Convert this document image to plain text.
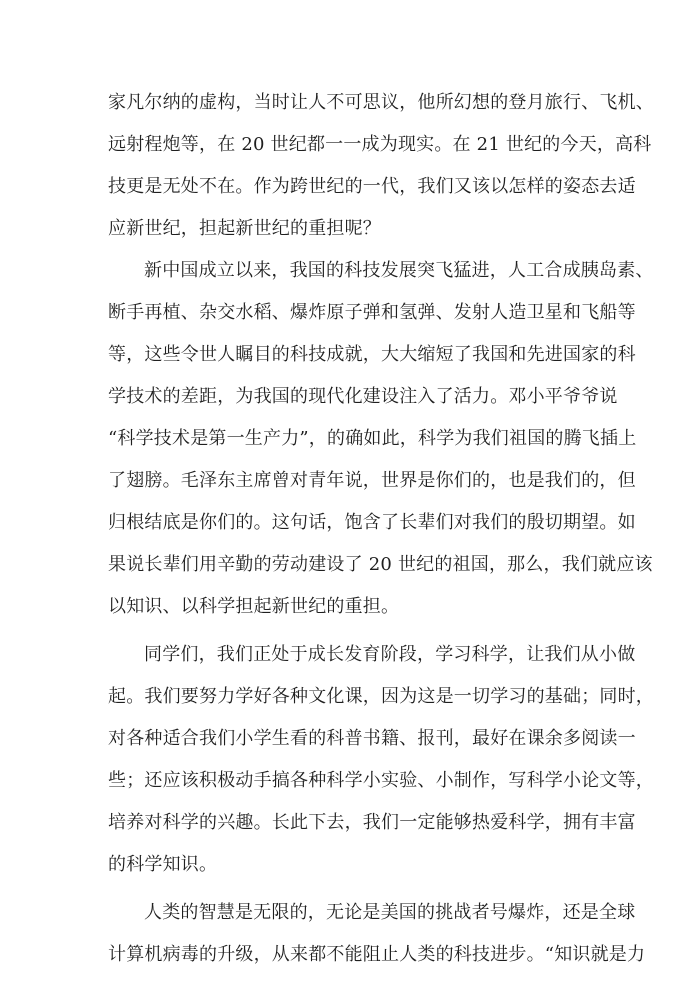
家凡尔纳的虚构，当时让人不可思议，他所幻想的登月旅行、飞机、
远射程炮等，在 20 世纪都一一成为现实。在 21 世纪的今天，高科
技更是无处不在。作为跨世纪的一代，我们又该以怎样的姿态去适
应新世纪，担起新世纪的重担呢？
新中国成立以来，我国的科技发展突飞猛进，人工合成胰岛素、
断手再植、杂交水稻、爆炸原子弹和氢弹、发射人造卫星和飞船等
等，这些令世人瞩目的科技成就，大大缩短了我国和先进国家的科
学技术的差距，为我国的现代化建设注入了活力。邓小平爷爷说
“科学技术是第一生产力”，的确如此，科学为我们祖国的腾飞插上
了翅膀。毛泽东主席曾对青年说，世界是你们的，也是我们的，但
归根结底是你们的。这句话，饱含了长辈们对我们的殷切期望。如
果说长辈们用辛勤的劳动建设了 20 世纪的祖国，那么，我们就应该
以知识、以科学担起新世纪的重担。
同学们，我们正处于成长发育阶段，学习科学，让我们从小做
起。我们要努力学好各种文化课，因为这是一切学习的基础；同时，
对各种适合我们小学生看的科普书籍、报刊，最好在课余多阅读一
些；还应该积极动手搞各种科学小实验、小制作，写科学小论文等，
培养对科学的兴趣。长此下去，我们一定能够热爱科学，拥有丰富
的科学知识。
人类的智慧是无限的，无论是美国的挑战者号爆炸，还是全球
计算机病毒的升级，从来都不能阻止人类的科技进步。“知识就是力
